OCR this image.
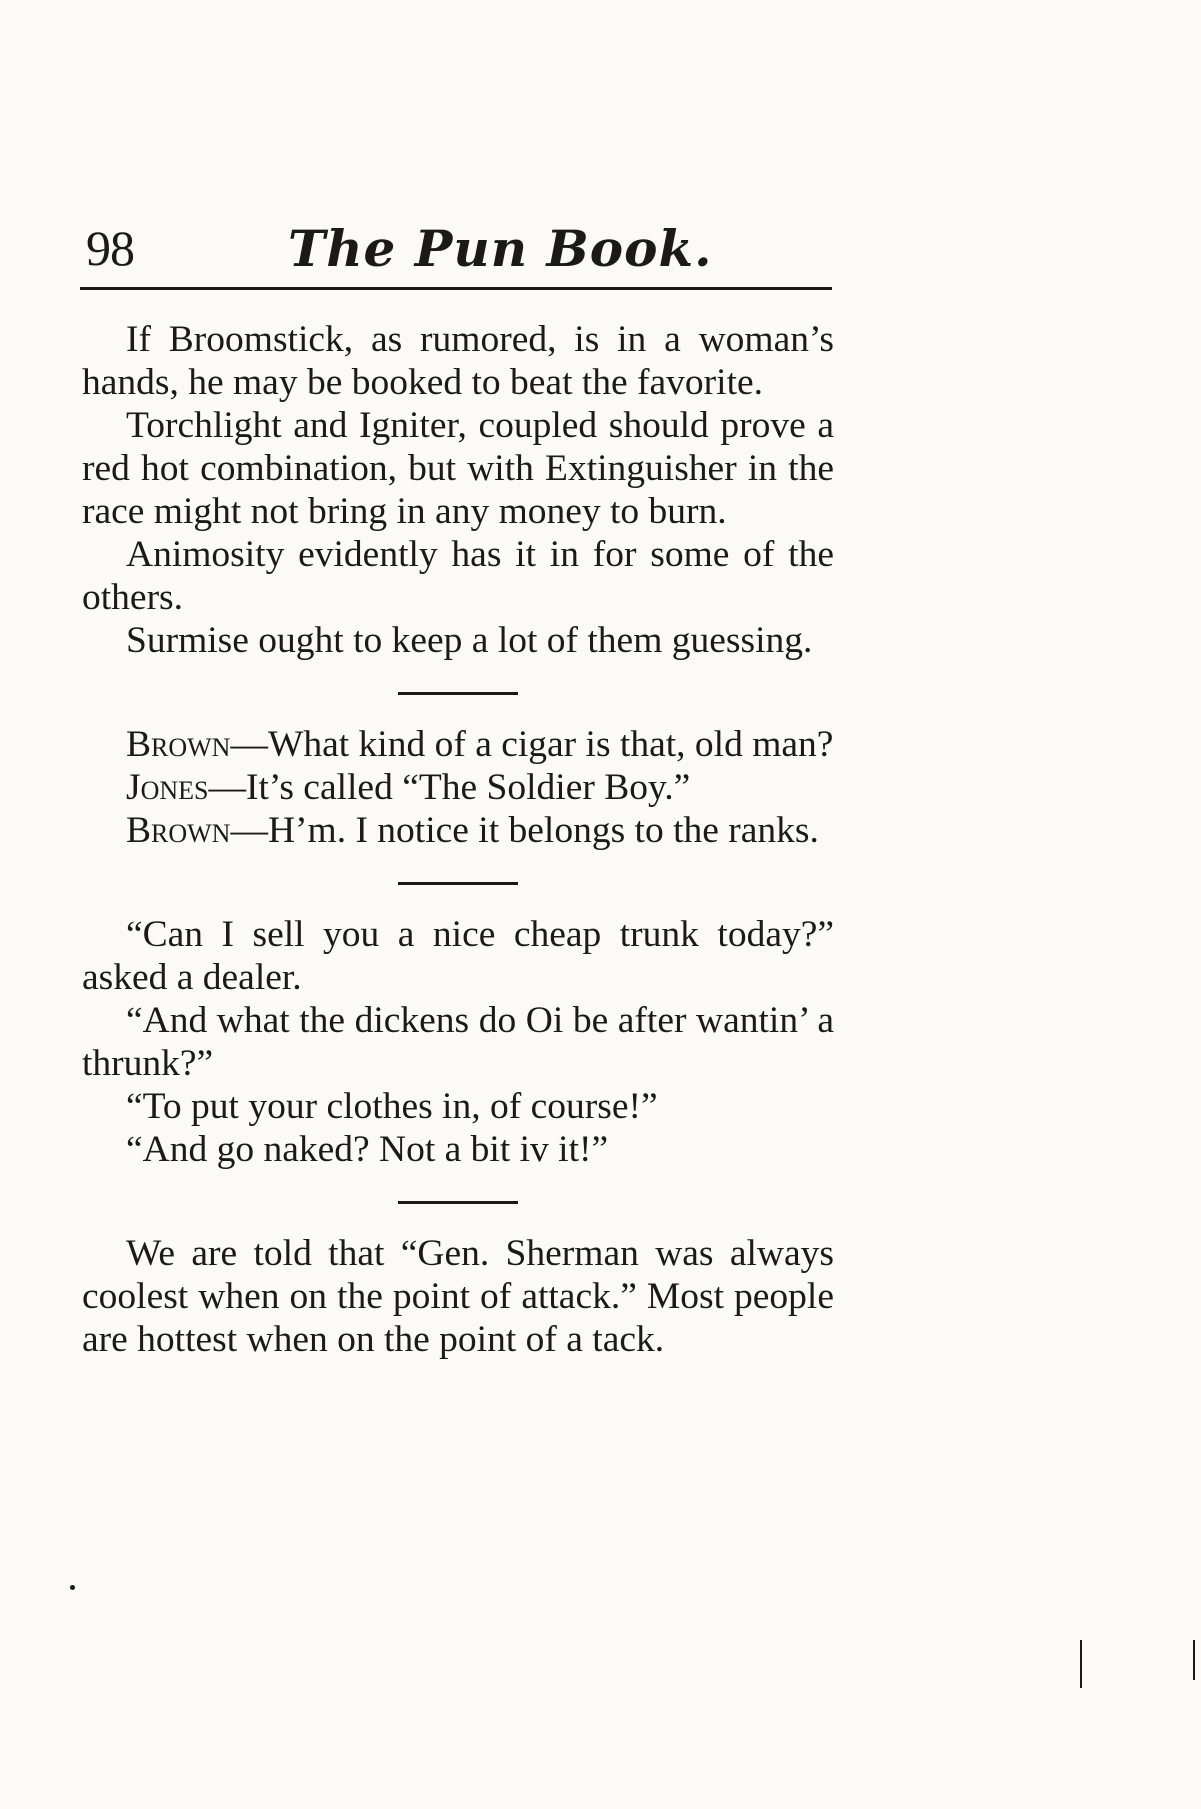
98	The Pun Book.

If Broomstick, as rumored, is in a woman’s hands, he may be booked to beat the favorite.

Torchlight and Igniter, coupled should prove a red hot combination, but with Extinguisher in the race might not bring in any money to burn.

Animosity evidently has it in for some of the others.

Surmise ought to keep a lot of them guessing.

Brown—What kind of a cigar is that, old man?

Jones—It’s called “The Soldier Boy.”

Brown—H’m. I notice it belongs to the ranks.

“Can I sell you a nice cheap trunk today?” asked a dealer.

“And what the dickens do Oi be after wantin’ a thrunk?”

“To put your clothes in, of course!”

“And go naked? Not a bit iv it!”

We are told that “Gen. Sherman was always coolest when on the point of attack.” Most people are hottest when on the point of a tack.
